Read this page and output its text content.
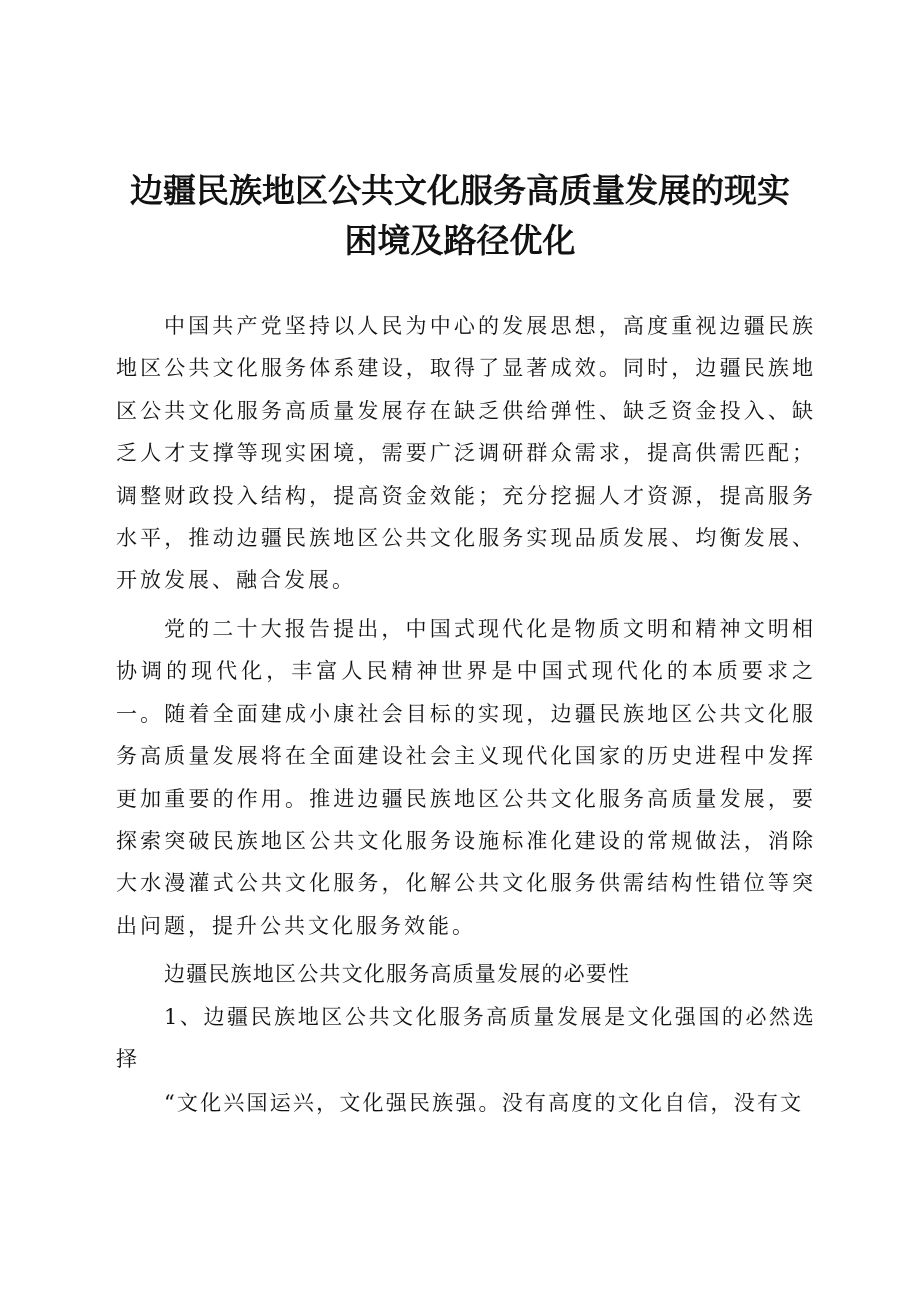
边疆民族地区公共文化服务高质量发展的现实
困境及路径优化
中国共产党坚持以人民为中心的发展思想，高度重视边疆民族地区公共文化服务体系建设，取得了显著成效。同时，边疆民族地区公共文化服务高质量发展存在缺乏供给弹性、缺乏资金投入、缺乏人才支撑等现实困境，需要广泛调研群众需求，提高供需匹配；调整财政投入结构，提高资金效能；充分挖掘人才资源，提高服务水平，推动边疆民族地区公共文化服务实现品质发展、均衡发展、开放发展、融合发展。
党的二十大报告提出，中国式现代化是物质文明和精神文明相协调的现代化，丰富人民精神世界是中国式现代化的本质要求之一。随着全面建成小康社会目标的实现，边疆民族地区公共文化服务高质量发展将在全面建设社会主义现代化国家的历史进程中发挥更加重要的作用。推进边疆民族地区公共文化服务高质量发展，要探索突破民族地区公共文化服务设施标准化建设的常规做法，消除大水漫灌式公共文化服务，化解公共文化服务供需结构性错位等突出问题，提升公共文化服务效能。
边疆民族地区公共文化服务高质量发展的必要性
1、边疆民族地区公共文化服务高质量发展是文化强国的必然选择
“文化兴国运兴，文化强民族强。没有高度的文化自信，没有文
